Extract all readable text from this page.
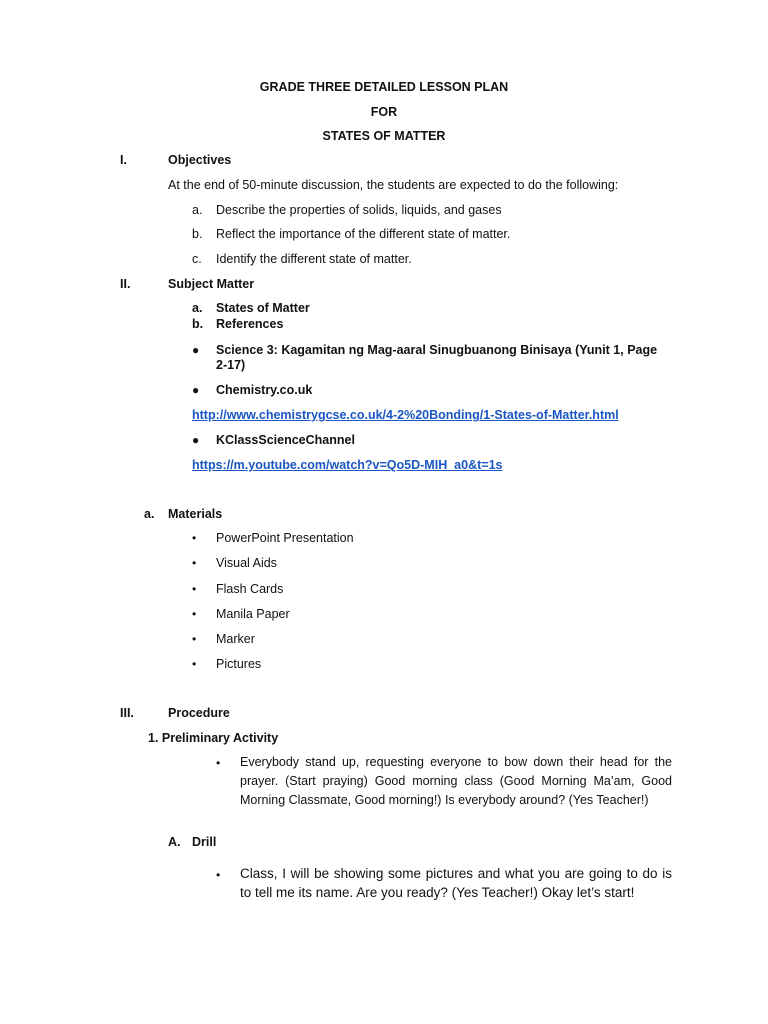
GRADE THREE DETAILED LESSON PLAN
FOR
STATES OF MATTER
I.	Objectives
At the end of 50-minute discussion, the students are expected to do the following:
a. Describe the properties of solids, liquids, and gases
b. Reflect the importance of the different state of matter.
c. Identify the different state of matter.
II.	Subject Matter
a. States of Matter
b. References
● Science 3: Kagamitan ng Mag-aaral Sinugbuanong Binisaya (Yunit 1, Page
2-17)
● Chemistry.co.uk
http://www.chemistrygcse.co.uk/4-2%20Bonding/1-States-of-Matter.html
● KClassScienceChannel
https://m.youtube.com/watch?v=Qo5D-MIH_a0&t=1s
a. Materials
• PowerPoint Presentation
• Visual Aids
• Flash Cards
• Manila Paper
• Marker
• Pictures
III.	Procedure
1. Preliminary Activity
• Everybody stand up, requesting everyone to bow down their head for the prayer. (Start praying) Good morning class (Good Morning Ma’am, Good Morning Classmate, Good morning!) Is everybody around? (Yes Teacher!)
A. Drill
• Class, I will be showing some pictures and what you are going to do is to tell me its name. Are you ready? (Yes Teacher!) Okay let’s start!
